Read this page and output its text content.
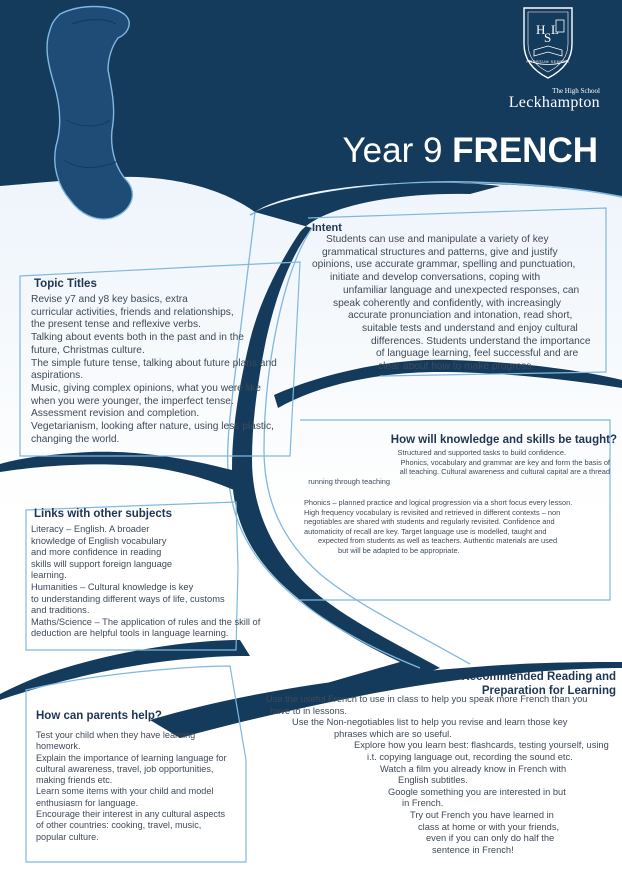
H
S
L
PRORSUM SEMPER
The High School
Leckhampton
Year 9 FRENCH
Intent
Students can use and manipulate a variety of key
grammatical structures and patterns, give and justify
opinions, use accurate grammar, spelling and punctuation,
initiate and develop conversations, coping with
unfamiliar language and unexpected responses, can
speak coherently and confidently, with increasingly
accurate pronunciation and intonation, read short,
suitable tests and understand and enjoy cultural
differences. Students understand the importance
of language learning, feel successful and are
clear about how to make progress.
Topic Titles
Revise y7 and y8 key basics, extra
curricular activities, friends and relationships,
the present tense and reflexive verbs.
Talking about events both in the past and in the
future, Christmas culture.
The simple future tense, talking about future plans and
aspirations.
Music, giving complex opinions, what you were like
when you were younger, the imperfect tense.
Assessment revision and completion.
Vegetarianism, looking after nature, using less plastic,
changing the world.	How will knowledge and skills be taught?
Structured and supported tasks to build confidence.
Phonics, vocabulary and grammar are key and form the basis of
all teaching. Cultural awareness and cultural capital are a thread
running through teaching
Phonics – planned practice and logical progression via a short focus every lesson.
High frequency vocabulary is revisited and retrieved in different contexts – non
negotiables are shared with students and regularly revisited. Confidence and
automaticity of recall are key. Target language use is modelled, taught and
expected from students as well as teachers. Authentic materials are used
but will be adapted to be appropriate.
Links with other subjects
Literacy – English. A broader
knowledge of English vocabulary
and more confidence in reading
skills will support foreign language
learning.
Humanities – Cultural knowledge is key
to understanding different ways of life, customs
and traditions.
Maths/Science – The application of rules and the skill of
deduction are helpful tools in language learning.
Recommended Reading and
Preparation for Learning
Use the useful French to use in class to help you speak more French than you
have to in lessons.
Use the Non-negotiables list to help you revise and learn those key
phrases which are so useful.
Explore how you learn best: flashcards, testing yourself, using
i.t. copying language out, recording the sound etc.
Watch a film you already know in French with
English subtitles.
Google something you are interested in but
in French.
Try out French you have learned in
class at home or with your friends,
even if you can only do half the
sentence in French!
How can parents help?
Test your child when they have learning
homework.
Explain the importance of learning language for
cultural awareness, travel, job opportunities,
making friends etc.
Learn some items with your child and model
enthusiasm for language.
Encourage their interest in any cultural aspects
of other countries: cooking, travel, music,
popular culture.
